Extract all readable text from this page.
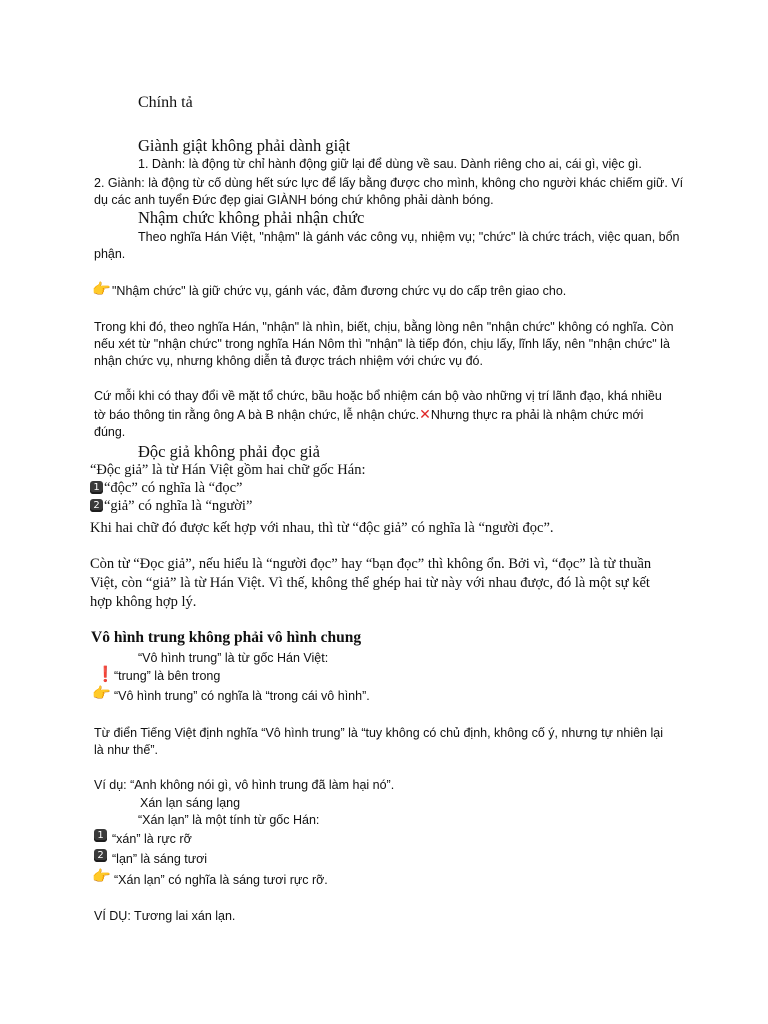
Chính tả
Giành giật không phải dành giật
1. Dành: là động từ chỉ hành động giữ lại để dùng về sau. Dành riêng cho ai, cái gì, việc gì.
2. Giành: là động từ cố dùng hết sức lực để lấy bằng được cho mình, không cho người khác chiếm giữ. Ví
dụ các anh tuyển Đức đẹp giai GIÀNH bóng chứ không phải dành bóng.
Nhậm chức không phải nhận chức
Theo nghĩa Hán Việt, "nhậm" là gánh vác công vụ, nhiệm vụ; "chức" là chức trách, việc quan, bổn
phận.
👉 "Nhậm chức" là giữ chức vụ, gánh vác, đảm đương chức vụ do cấp trên giao cho.
Trong khi đó, theo nghĩa Hán, "nhận" là nhìn, biết, chịu, bằng lòng nên "nhận chức" không có nghĩa. Còn
nếu xét từ "nhận chức" trong nghĩa Hán Nôm thì "nhận" là tiếp đón, chịu lấy, lĩnh lấy, nên "nhận chức" là
nhận chức vụ, nhưng không diễn tả được trách nhiệm với chức vụ đó.
Cứ mỗi khi có thay đổi về mặt tổ chức, bầu hoặc bổ nhiệm cán bộ vào những vị trí lãnh đạo, khá nhiều
tờ báo thông tin rằng ông A bà B nhận chức, lễ nhận chức.✕Nhưng thực ra phải là nhậm chức mới
đúng.
Độc giả không phải đọc giả
“Độc giả” là từ Hán Việt gồm hai chữ gốc Hán:
1 “độc” có nghĩa là “đọc”
2 “giả” có nghĩa là “người”
Khi hai chữ đó được kết hợp với nhau, thì từ “độc giả” có nghĩa là “người đọc”.
Còn từ “Đọc giả”, nếu hiểu là “người đọc” hay “bạn đọc” thì không ổn. Bởi vì, “đọc” là từ thuần
Việt, còn “giả” là từ Hán Việt. Vì thế, không thể ghép hai từ này với nhau được, đó là một sự kết
hợp không hợp lý.
Vô hình trung không phải vô hình chung
“Vô hình trung” là từ gốc Hán Việt:
❗ “trung” là bên trong
👉 “Vô hình trung” có nghĩa là “trong cái vô hình”.
Từ điển Tiếng Việt định nghĩa “Vô hình trung” là “tuy không có chủ định, không cố ý, nhưng tự nhiên lại
là như thế”.
Ví dụ: “Anh không nói gì, vô hình trung đã làm hại nó”.
Xán lạn sáng lạng
“Xán lạn” là một tính từ gốc Hán:
1 “xán” là rực rỡ
2 “lạn” là sáng tươi
👉 “Xán lạn” có nghĩa là sáng tươi rực rỡ.
VÍ DỤ: Tương lai xán lạn.
